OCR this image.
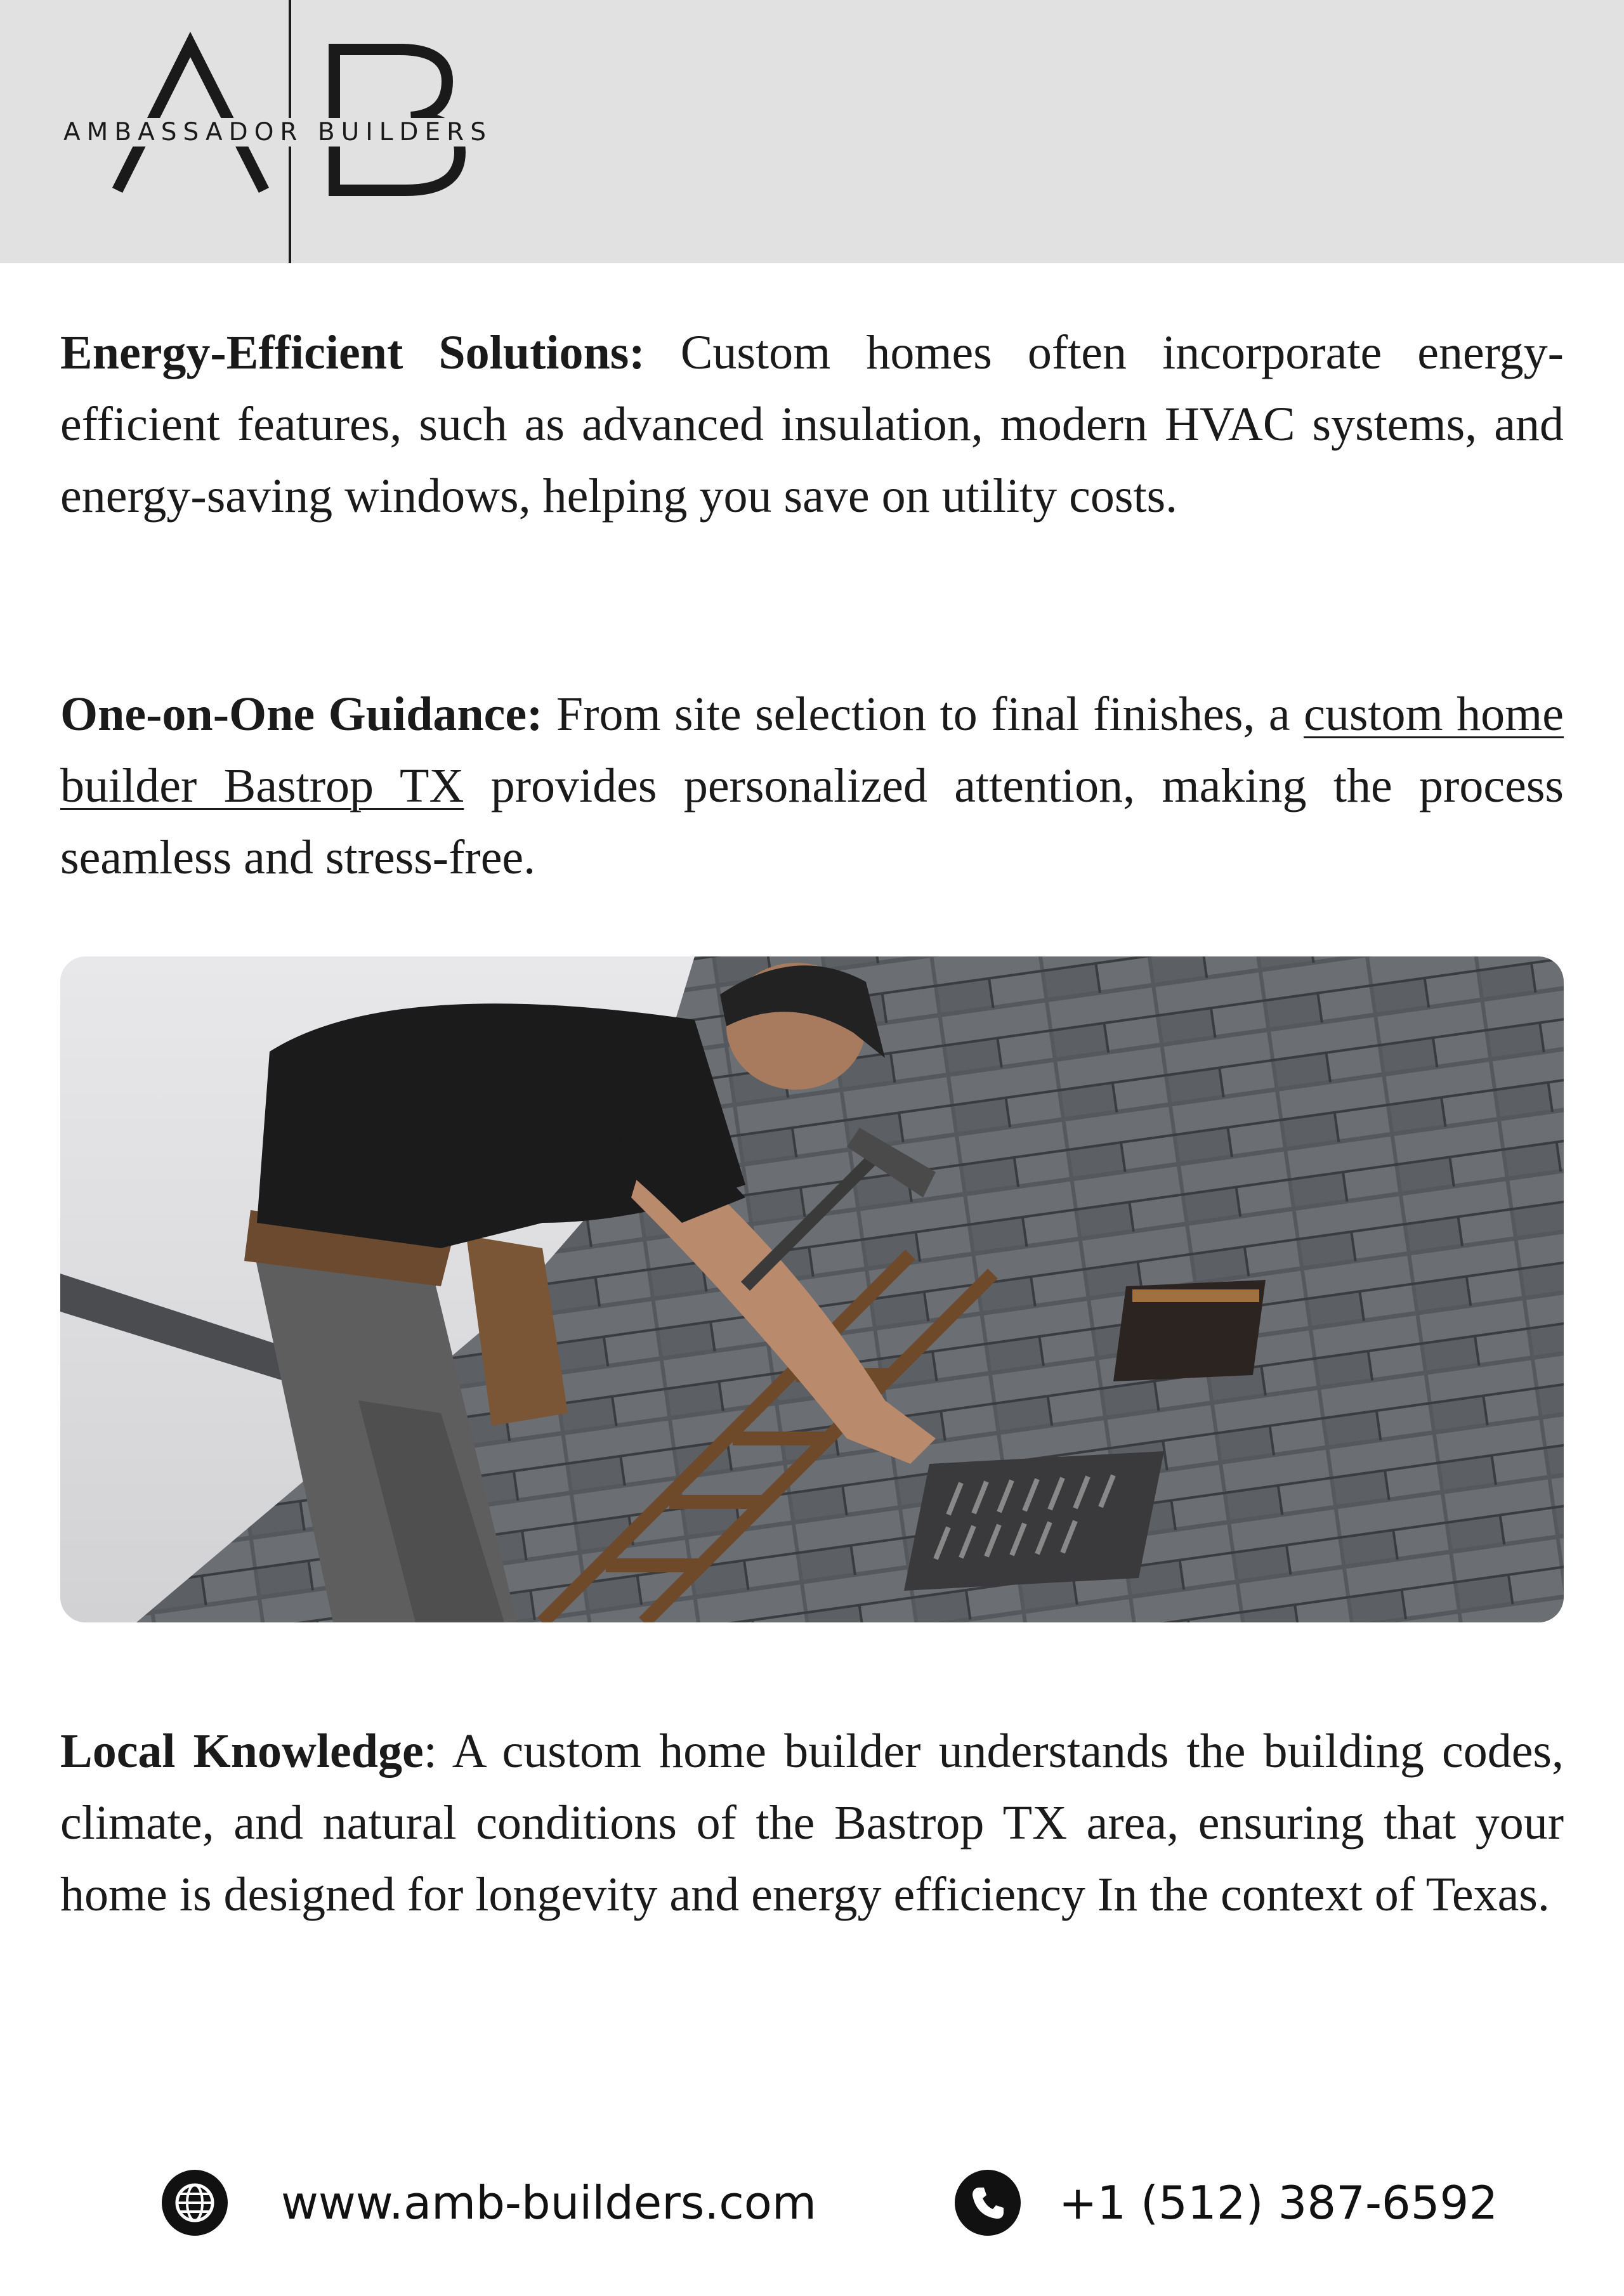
AMBASSADOR BUILDERS

Energy-Efficient Solutions: Custom homes often incorporate energy-efficient features, such as advanced insulation, modern HVAC systems, and energy-saving windows, helping you save on utility costs.

One-on-One Guidance: From site selection to final finishes, a custom home builder Bastrop TX provides personalized attention, making the process seamless and stress-free.

Local Knowledge: A custom home builder understands the building codes, climate, and natural conditions of the Bastrop TX area, ensuring that your home is designed for longevity and energy efficiency In the context of Texas.

www.amb-builders.com	+1 (512) 387-6592
